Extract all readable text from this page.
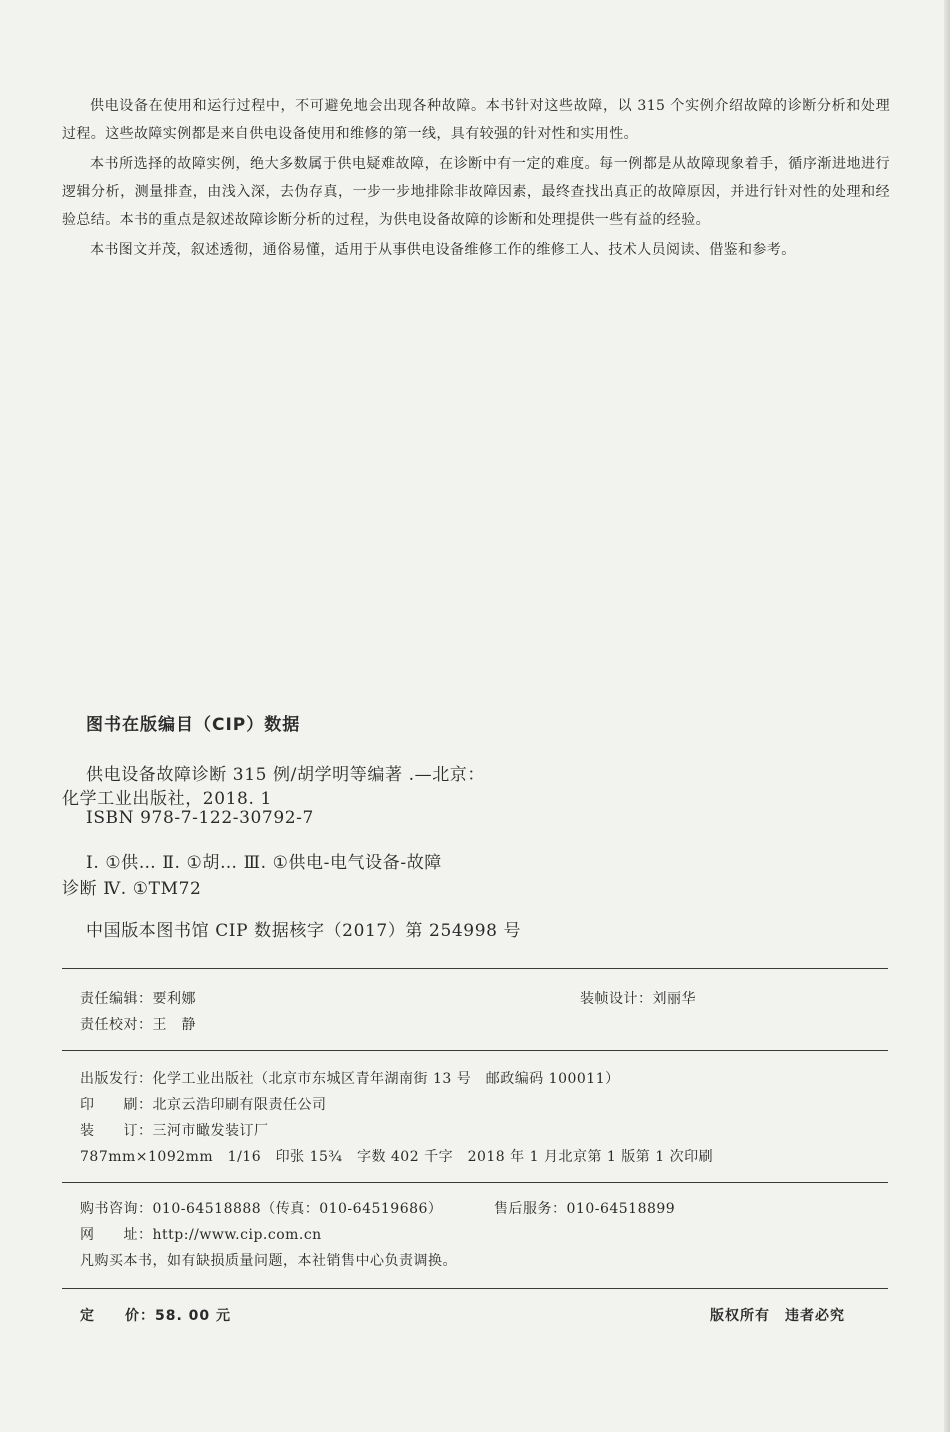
供电设备在使用和运行过程中，不可避免地会出现各种故障。本书针对这些故障，以 315 个实例介绍故障的诊断分析和处理过程。这些故障实例都是来自供电设备使用和维修的第一线，具有较强的针对性和实用性。

本书所选择的故障实例，绝大多数属于供电疑难故障，在诊断中有一定的难度。每一例都是从故障现象着手，循序渐进地进行逻辑分析，测量排查，由浅入深，去伪存真，一步一步地排除非故障因素，最终查找出真正的故障原因，并进行针对性的处理和经验总结。本书的重点是叙述故障诊断分析的过程，为供电设备故障的诊断和处理提供一些有益的经验。

本书图文并茂，叙述透彻，通俗易懂，适用于从事供电设备维修工作的维修工人、技术人员阅读、借鉴和参考。

图书在版编目（CIP）数据
供电设备故障诊断 315 例/胡学明等编著 .—北京：
化学工业出版社，2018. 1
ISBN 978-7-122-30792-7
Ⅰ. ①供… Ⅱ. ①胡… Ⅲ. ①供电-电气设备-故障
诊断 Ⅳ. ①TM72
中国版本图书馆 CIP 数据核字（2017）第 254998 号
责任编辑：要利娜	装帧设计：刘丽华
责任校对：王　静
出版发行：化学工业出版社（北京市东城区青年湖南街 13 号　邮政编码 100011）
印　　刷：北京云浩印刷有限责任公司
装　　订：三河市瞰发装订厂
787mm×1092mm　1/16　印张 15¾　字数 402 千字　2018 年 1 月北京第 1 版第 1 次印刷
购书咨询：010-64518888（传真：010-64519686）	售后服务：010-64518899
网　　址：http://www.cip.com.cn
凡购买本书，如有缺损质量问题，本社销售中心负责调换。
定　　价：58. 00 元	版权所有　违者必究
